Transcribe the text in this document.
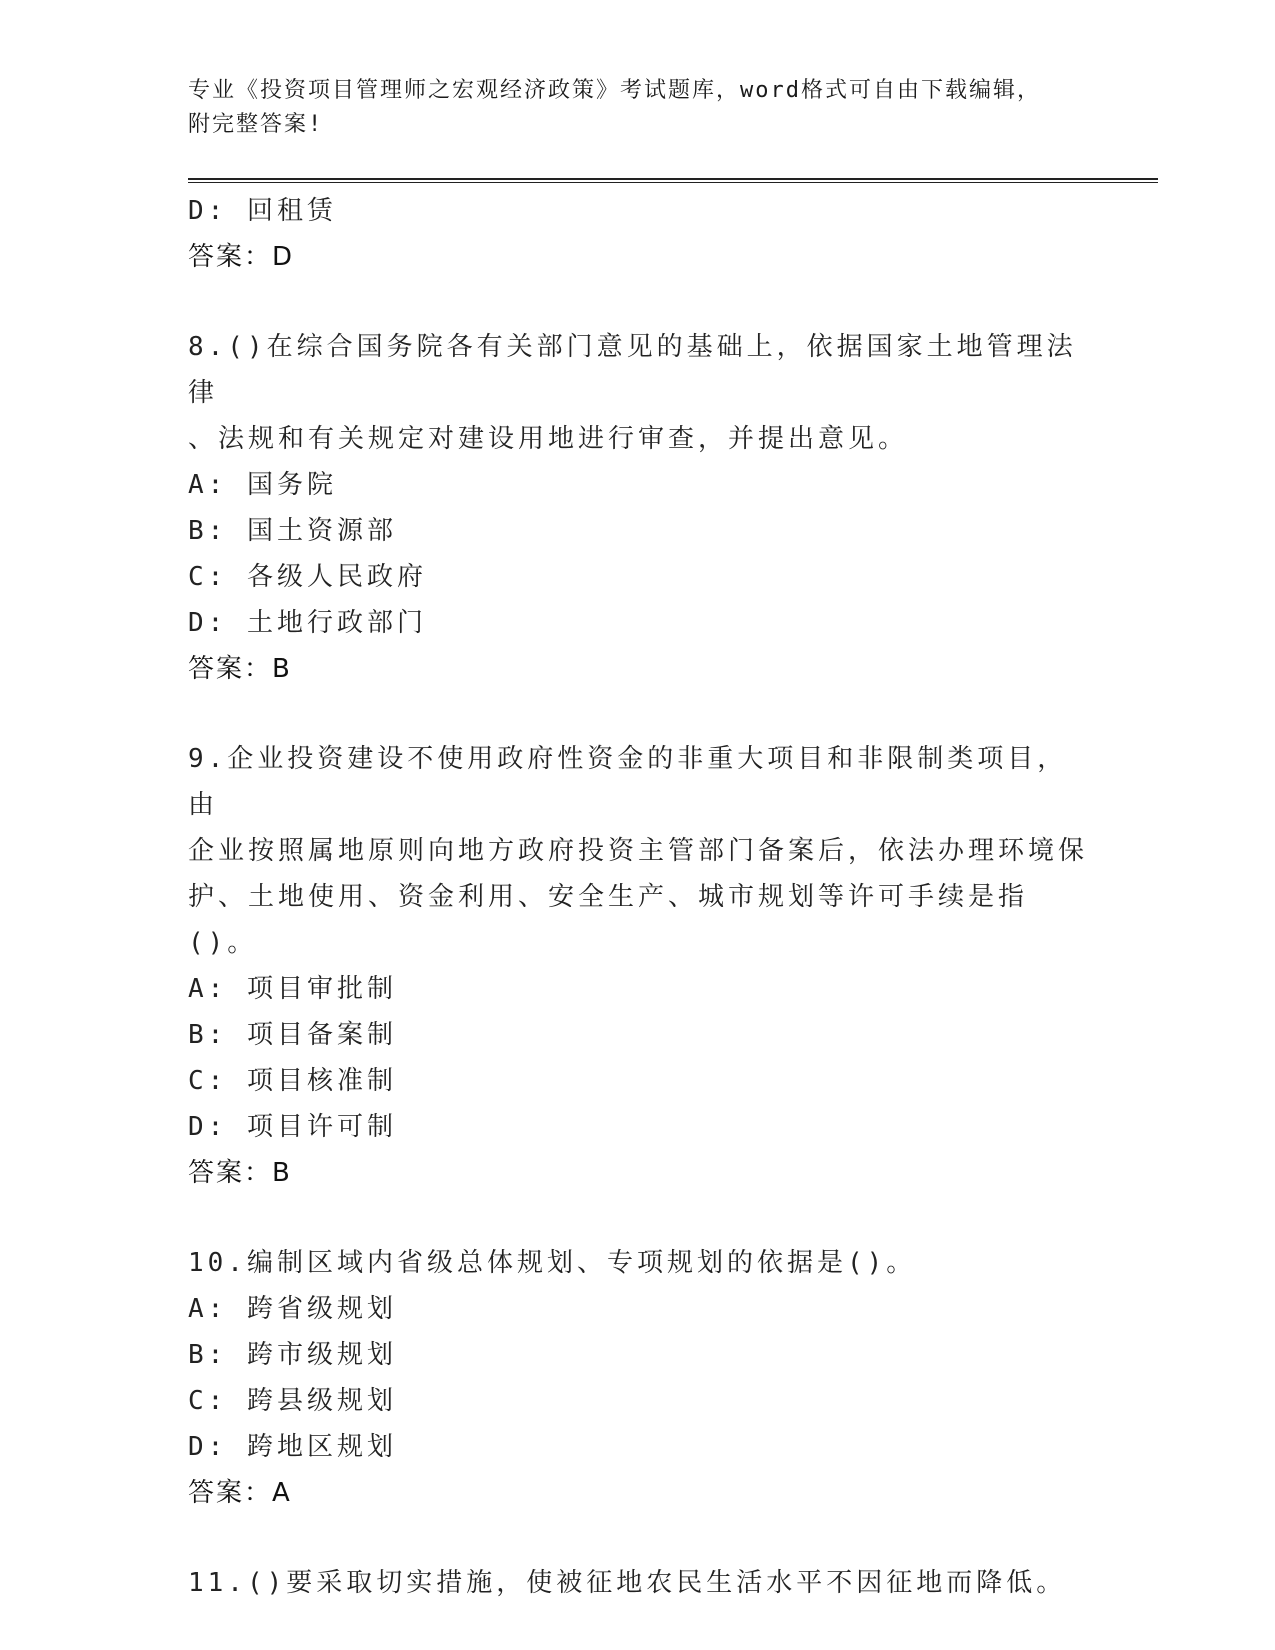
专业《投资项目管理师之宏观经济政策》考试题库，word格式可自由下载编辑，
附完整答案!
D: 回租赁
答案：D
8.()在综合国务院各有关部门意见的基础上，依据国家土地管理法律
、法规和有关规定对建设用地进行审查，并提出意见。
A: 国务院
B: 国土资源部
C: 各级人民政府
D: 土地行政部门
答案：B
9.企业投资建设不使用政府性资金的非重大项目和非限制类项目，由
企业按照属地原则向地方政府投资主管部门备案后，依法办理环境保
护、土地使用、资金利用、安全生产、城市规划等许可手续是指()。
A: 项目审批制
B: 项目备案制
C: 项目核准制
D: 项目许可制
答案：B
10.编制区域内省级总体规划、专项规划的依据是()。
A: 跨省级规划
B: 跨市级规划
C: 跨县级规划
D: 跨地区规划
答案：A
11.()要采取切实措施，使被征地农民生活水平不因征地而降低。
